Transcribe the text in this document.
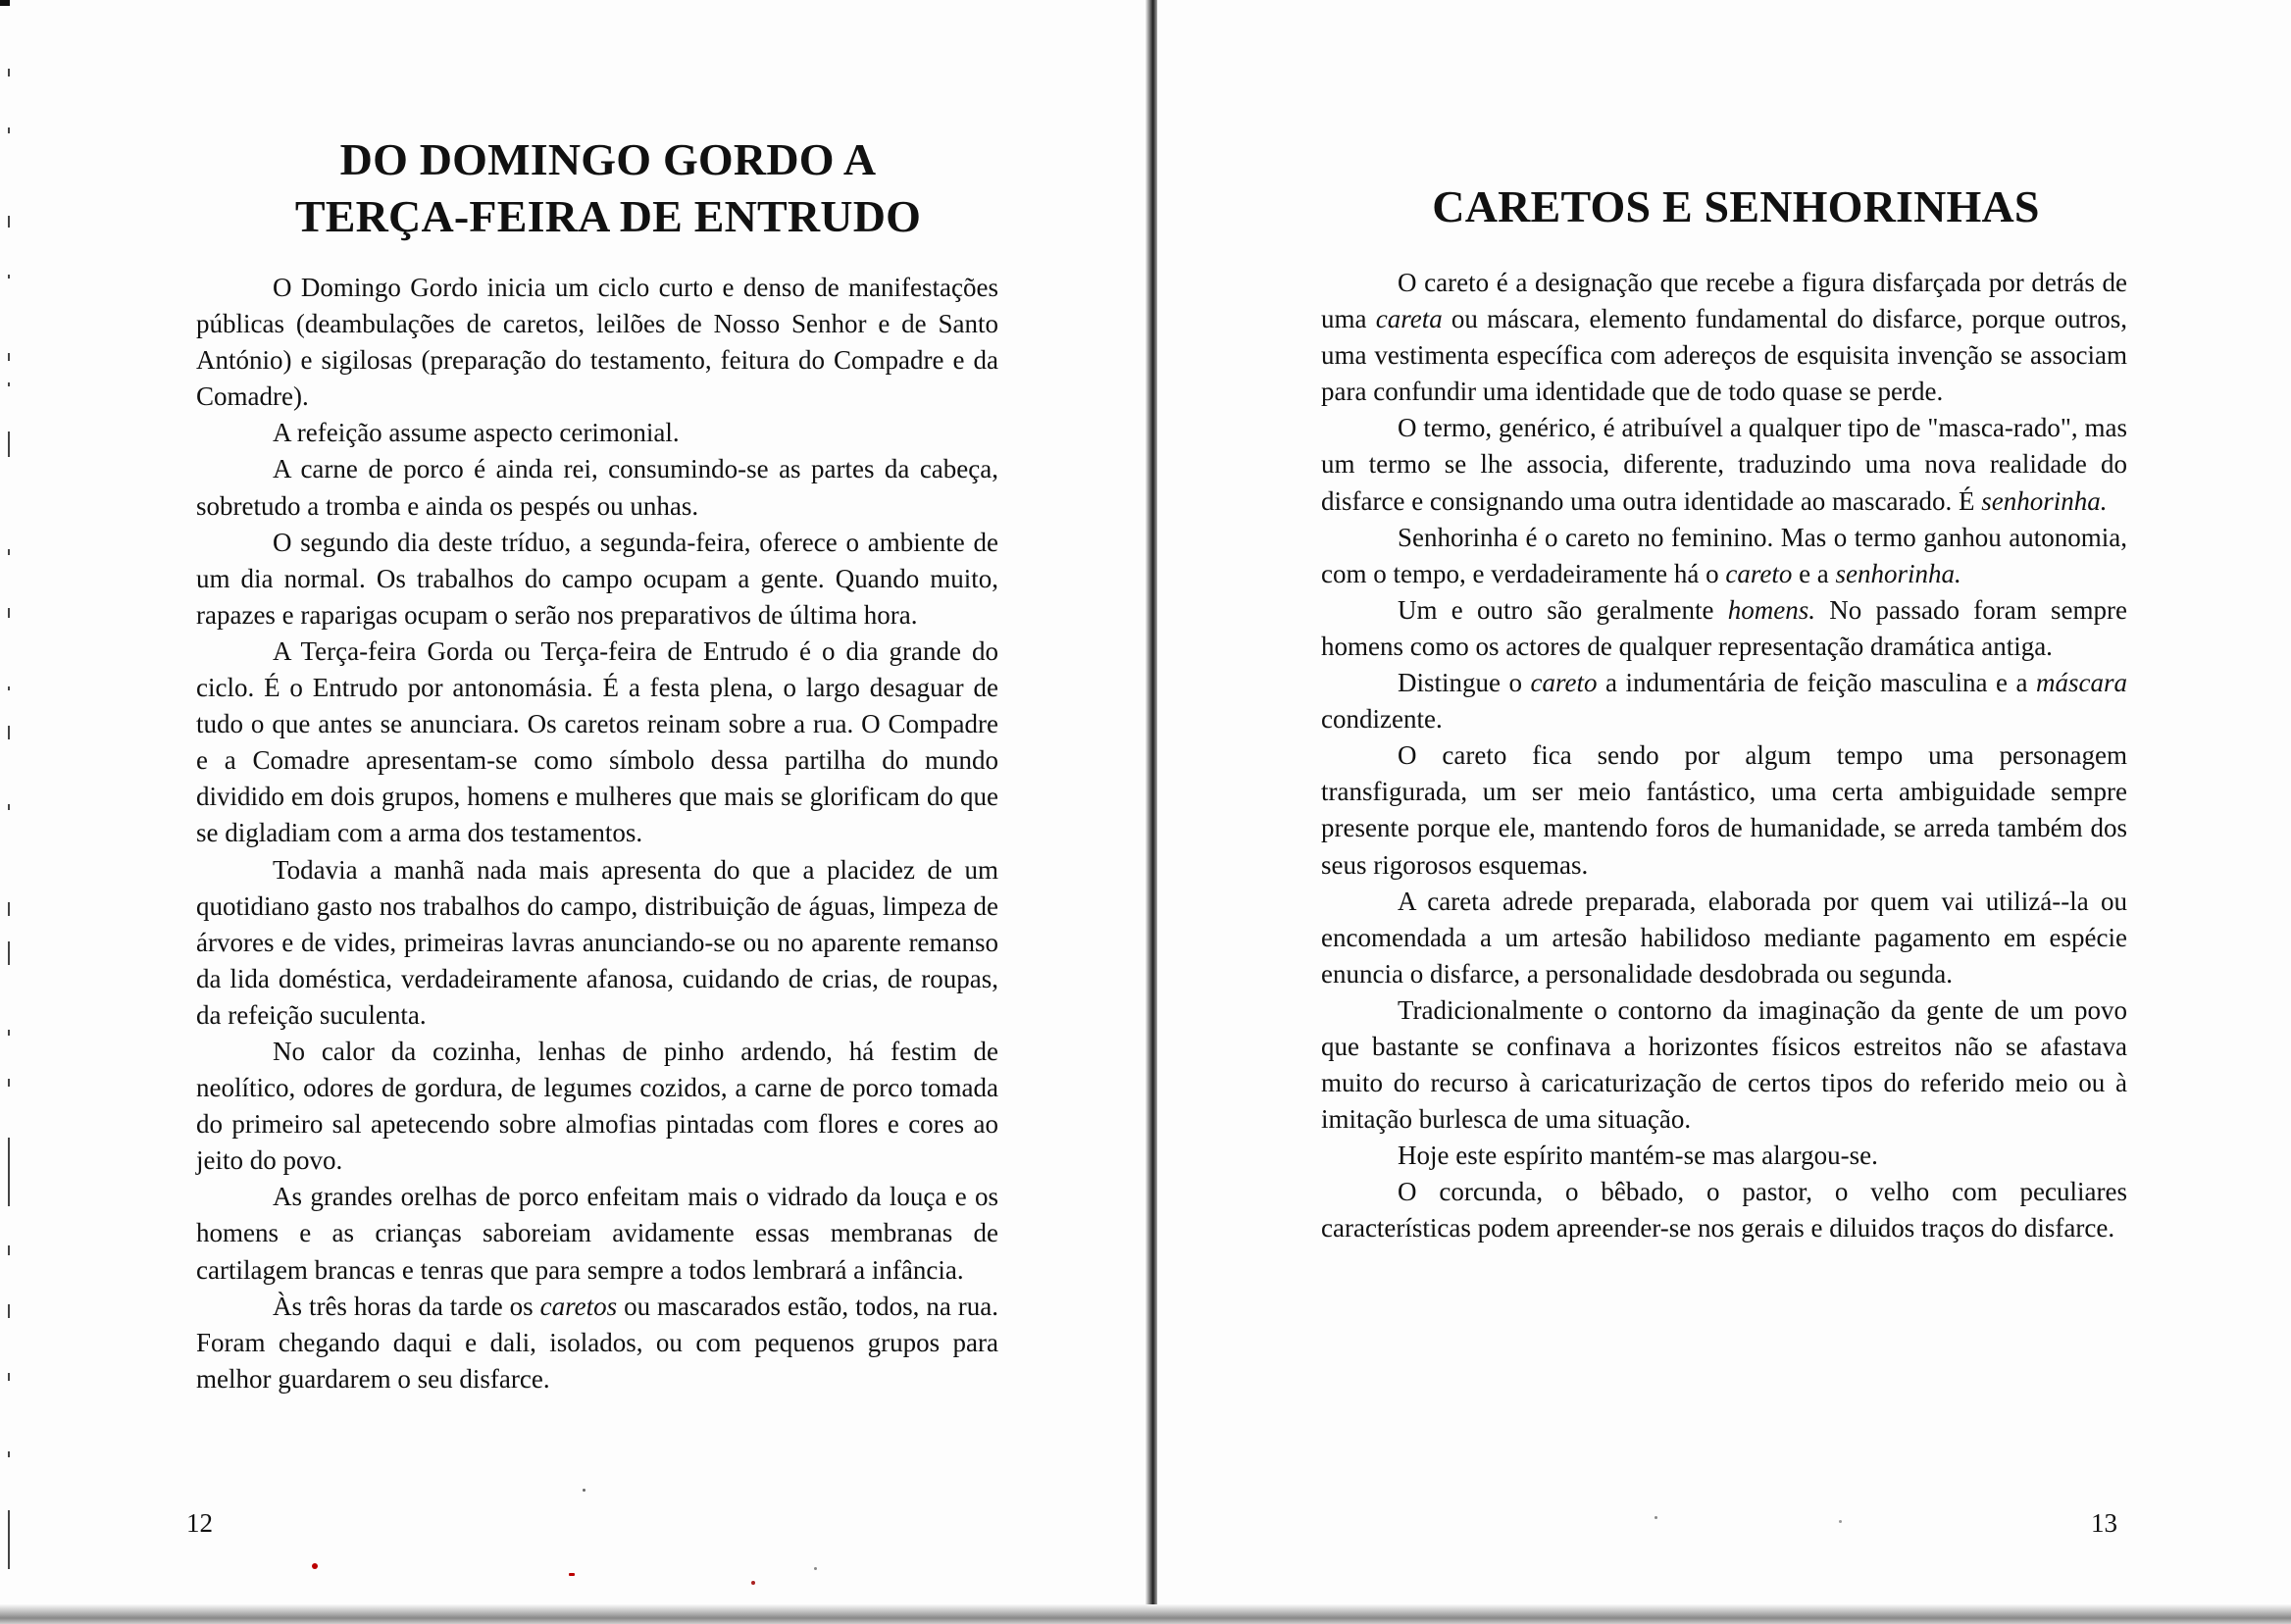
DO DOMINGO GORDO A
TERÇA-FEIRA DE ENTRUDO

O Domingo Gordo inicia um ciclo curto e denso de manifestações públicas (deambulações de caretos, leilões de Nosso Senhor e de Santo António) e sigilosas (preparação do testamento, feitura do Compadre e da Comadre).

A refeição assume aspecto cerimonial.

A carne de porco é ainda rei, consumindo-se as partes da cabeça, sobretudo a tromba e ainda os pespés ou unhas.

O segundo dia deste tríduo, a segunda-feira, oferece o ambiente de um dia normal. Os trabalhos do campo ocupam a gente. Quando muito, rapazes e raparigas ocupam o serão nos preparativos de última hora.

A Terça-feira Gorda ou Terça-feira de Entrudo é o dia grande do ciclo. É o Entrudo por antonomásia. É a festa plena, o largo desaguar de tudo o que antes se anunciara. Os caretos reinam sobre a rua. O Compadre e a Comadre apresentam-se como símbolo dessa partilha do mundo dividido em dois grupos, homens e mulheres que mais se glorificam do que se digladiam com a arma dos testamentos.

Todavia a manhã nada mais apresenta do que a placidez de um quotidiano gasto nos trabalhos do campo, distribuição de águas, limpeza de árvores e de vides, primeiras lavras anunciando-se ou no aparente remanso da lida doméstica, verdadeiramente afanosa, cuidando de crias, de roupas, da refeição suculenta.

No calor da cozinha, lenhas de pinho ardendo, há festim de neolítico, odores de gordura, de legumes cozidos, a carne de porco tomada do primeiro sal apetecendo sobre almofias pintadas com flores e cores ao jeito do povo.

As grandes orelhas de porco enfeitam mais o vidrado da louça e os homens e as crianças saboreiam avidamente essas membranas de cartilagem brancas e tenras que para sempre a todos lembrará a infância.

Às três horas da tarde os caretos ou mascarados estão, todos, na rua. Foram chegando daqui e dali, isolados, ou com pequenos grupos para melhor guardarem o seu disfarce.

12
CARETOS E SENHORINHAS

O careto é a designação que recebe a figura disfarçada por detrás de uma careta ou máscara, elemento fundamental do disfarce, porque outros, uma vestimenta específica com adereços de esquisita invenção se associam para confundir uma identidade que de todo quase se perde.

O termo, genérico, é atribuível a qualquer tipo de "masca-rado", mas um termo se lhe associa, diferente, traduzindo uma nova realidade do disfarce e consignando uma outra identidade ao mascarado. É senhorinha.

Senhorinha é o careto no feminino. Mas o termo ganhou autonomia, com o tempo, e verdadeiramente há o careto e a senhorinha.

Um e outro são geralmente homens. No passado foram sempre homens como os actores de qualquer representação dramática antiga.

Distingue o careto a indumentária de feição masculina e a máscara condizente.

O careto fica sendo por algum tempo uma personagem transfigurada, um ser meio fantástico, uma certa ambiguidade sempre presente porque ele, mantendo foros de humanidade, se arreda também dos seus rigorosos esquemas.

A careta adrede preparada, elaborada por quem vai utilizá--la ou encomendada a um artesão habilidoso mediante pagamento em espécie enuncia o disfarce, a personalidade desdobrada ou segunda.

Tradicionalmente o contorno da imaginação da gente de um povo que bastante se confinava a horizontes físicos estreitos não se afastava muito do recurso à caricaturização de certos tipos do referido meio ou à imitação burlesca de uma situação.

Hoje este espírito mantém-se mas alargou-se.

O corcunda, o bêbado, o pastor, o velho com peculiares características podem apreender-se nos gerais e diluidos traços do disfarce.

13
